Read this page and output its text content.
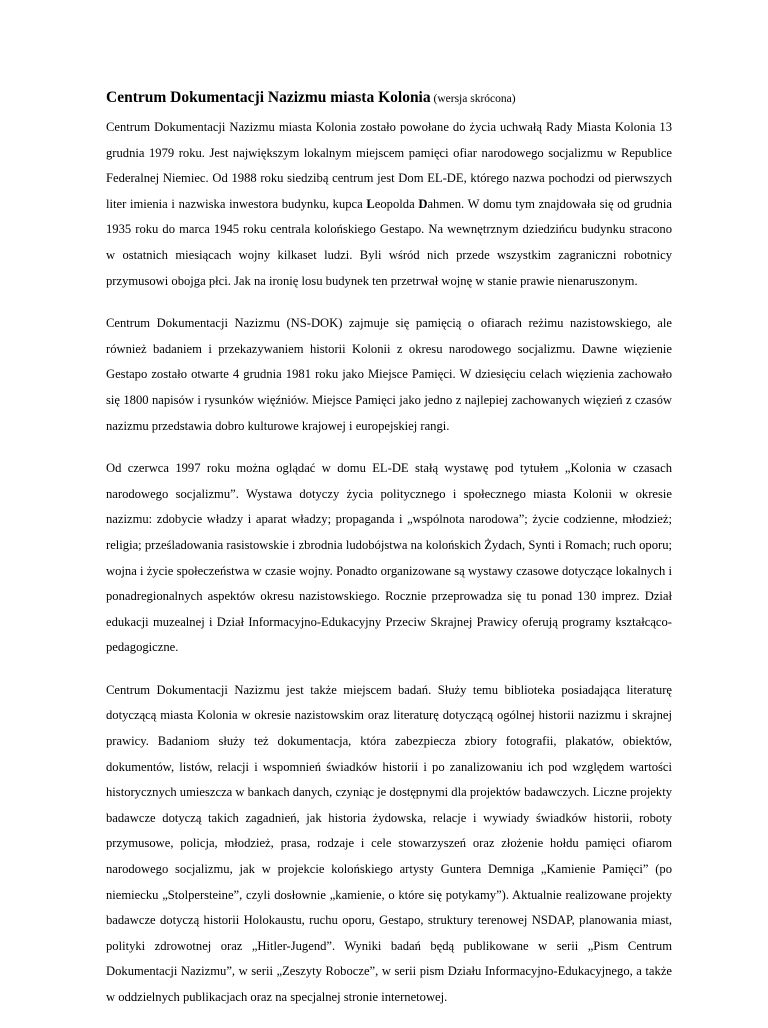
Centrum Dokumentacji Nazizmu miasta Kolonia (wersja skrócona)

Centrum Dokumentacji Nazizmu miasta Kolonia zostało powołane do życia uchwałą Rady Miasta Kolonia 13 grudnia 1979 roku. Jest największym lokalnym miejscem pamięci ofiar narodowego socjalizmu w Republice Federalnej Niemiec. Od 1988 roku siedzibą centrum jest Dom EL-DE, którego nazwa pochodzi od pierwszych liter imienia i nazwiska inwestora budynku, kupca Leopolda Dahmen. W domu tym znajdowała się od grudnia 1935 roku do marca 1945 roku centrala kolońskiego Gestapo. Na wewnętrznym dziedzińcu budynku stracono w ostatnich miesiącach wojny kilkaset ludzi. Byli wśród nich przede wszystkim zagraniczni robotnicy przymusowi obojga płci. Jak na ironię losu budynek ten przetrwał wojnę w stanie prawie nienaruszonym.

Centrum Dokumentacji Nazizmu (NS-DOK) zajmuje się pamięcią o ofiarach reżimu nazistowskiego, ale również badaniem i przekazywaniem historii Kolonii z okresu narodowego socjalizmu. Dawne więzienie Gestapo zostało otwarte 4 grudnia 1981 roku jako Miejsce Pamięci. W dziesięciu celach więzienia zachowało się 1800 napisów i rysunków więźniów. Miejsce Pamięci jako jedno z najlepiej zachowanych więzień z czasów nazizmu przedstawia dobro kulturowe krajowej i europejskiej rangi.

Od czerwca 1997 roku można oglądać w domu EL-DE stałą wystawę pod tytułem „Kolonia w czasach narodowego socjalizmu”. Wystawa dotyczy życia politycznego i społecznego miasta Kolonii w okresie nazizmu: zdobycie władzy i aparat władzy; propaganda i „wspólnota narodowa”; życie codzienne, młodzież; religia; prześladowania rasistowskie i zbrodnia ludobójstwa na kolońskich Żydach, Synti i Romach; ruch oporu; wojna i życie społeczeństwa w czasie wojny. Ponadto organizowane są wystawy czasowe dotyczące lokalnych i ponadregionalnych aspektów okresu nazistowskiego. Rocznie przeprowadza się tu ponad 130 imprez. Dział edukacji muzealnej i Dział Informacyjno-Edukacyjny Przeciw Skrajnej Prawicy oferują programy kształcąco-pedagogiczne.

Centrum Dokumentacji Nazizmu jest także miejscem badań. Służy temu biblioteka posiadająca literaturę dotyczącą miasta Kolonia w okresie nazistowskim oraz literaturę dotyczącą ogólnej historii nazizmu i skrajnej prawicy. Badaniom służy też dokumentacja, która zabezpiecza zbiory fotografii, plakatów, obiektów, dokumentów, listów, relacji i wspomnień świadków historii i po zanalizowaniu ich pod względem wartości historycznych umieszcza w bankach danych, czyniąc je dostępnymi dla projektów badawczych. Liczne projekty badawcze dotyczą takich zagadnień, jak historia żydowska, relacje i wywiady świadków historii, roboty przymusowe, policja, młodzież, prasa, rodzaje i cele stowarzyszeń oraz złożenie hołdu pamięci ofiarom narodowego socjalizmu, jak w projekcie kolońskiego artysty Guntera Demniga „Kamienie Pamięci” (po niemiecku „Stolpersteine”, czyli dosłownie „kamienie, o które się potykamy”). Aktualnie realizowane projekty badawcze dotyczą historii Holokaustu, ruchu oporu, Gestapo, struktury terenowej NSDAP, planowania miast, polityki zdrowotnej oraz „Hitler-Jugend”. Wyniki badań będą publikowane w serii „Pism Centrum Dokumentacji Nazizmu”, w serii „Zeszyty Robocze”, w serii pism Działu Informacyjno-Edukacyjnego, a także w oddzielnych publikacjach oraz na specjalnej stronie internetowej.
